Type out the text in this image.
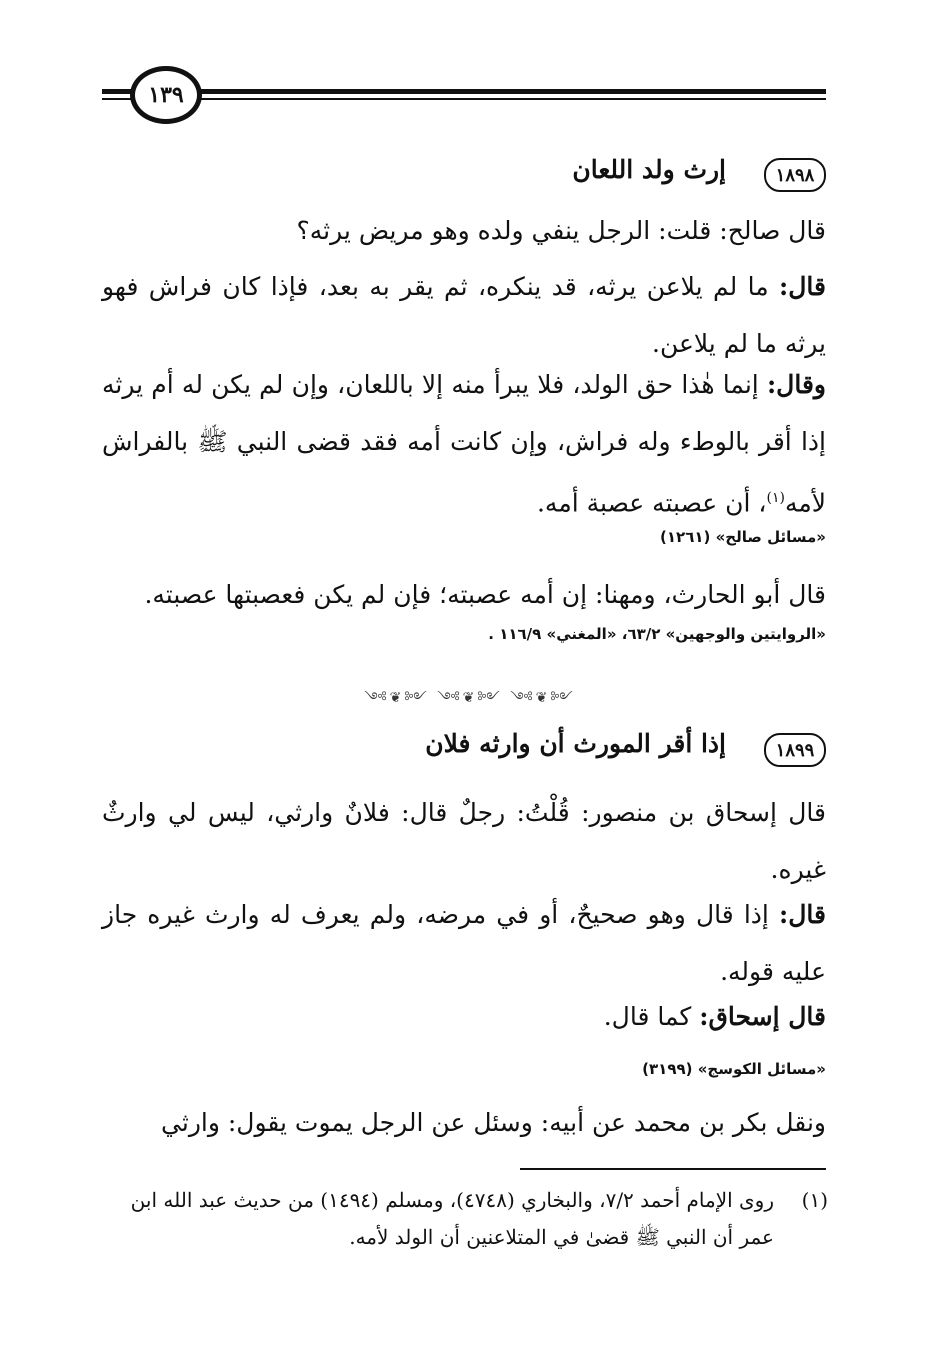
١٣٩
١٨٩٨
إرث ولد اللعان
قال صالح: قلت: الرجل ينفي ولده وهو مريض يرثه؟
قال: ما لم يلاعن يرثه، قد ينكره، ثم يقر به بعد، فإذا كان فراش فهو يرثه ما لم يلاعن.
وقال: إنما هٰذا حق الولد، فلا يبرأ منه إلا باللعان، وإن لم يكن له أم يرثه إذا أقر بالوطء وله فراش، وإن كانت أمه فقد قضى النبي ﷺ بالفراش لأمه$^{(١)}$، أن عصبته عصبة أمه.
«مسائل صالح» (١٢٦١)
قال أبو الحارث، ومهنا: إن أمه عصبته؛ فإن لم يكن فعصبتها عصبته.
«الروايتين والوجهين» ٦٣/٢، «المغني» ١١٦/٩ .
༺❦༻ ༺❦༻ ༺❦༻
١٨٩٩
إذا أقر المورث أن وارثه فلان
قال إسحاق بن منصور: قُلْتُ: رجلٌ قال: فلانٌ وارثي، ليس لي وارثٌ غيره.
قال: إذا قال وهو صحيحٌ، أو في مرضه، ولم يعرف له وارث غيره جاز عليه قوله.
قال إسحاق: كما قال.
«مسائل الكوسج» (٣١٩٩)
ونقل بكر بن محمد عن أبيه: وسئل عن الرجل يموت يقول: وارثي
(١)
روى الإمام أحمد ٧/٢، والبخاري (٤٧٤٨)، ومسلم (١٤٩٤) من حديث عبد الله ابن عمر أن النبي ﷺ قضىٰ في المتلاعنين أن الولد لأمه.
